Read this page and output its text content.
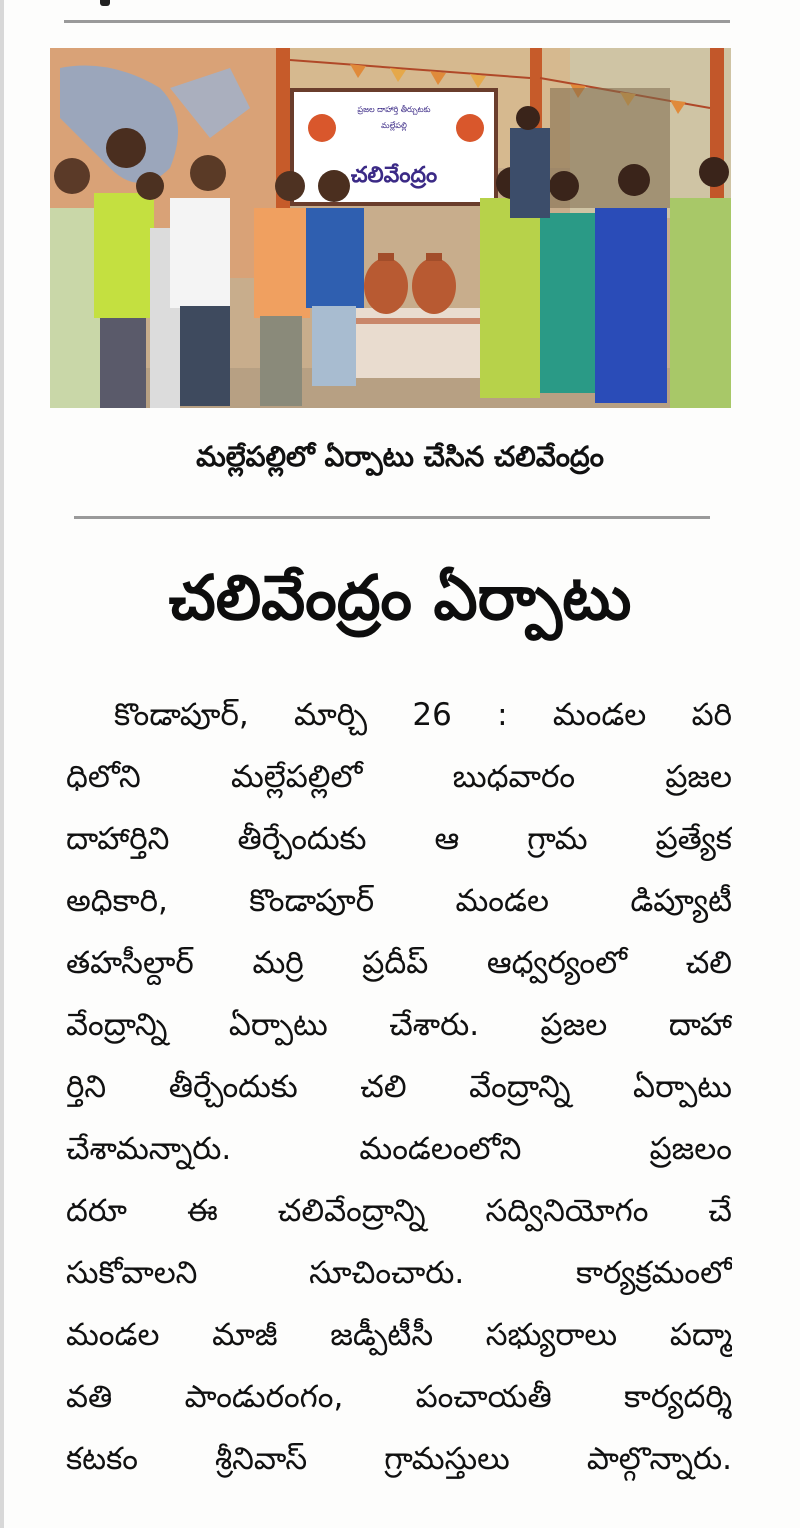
ప్రజల దాహార్తి తీర్చుటకు
మల్లేపల్లి
చలివేంద్రం
మల్లేపల్లిలో ఏర్పాటు చేసిన చలివేంద్రం
చలివేంద్రం ఏర్పాటు
కొండాపూర్, మార్చి 26 : మండల పరి
ధిలోని మల్లేపల్లిలో బుధవారం ప్రజల
దాహార్తిని తీర్చేందుకు ఆ గ్రామ ప్రత్యేక
అధికారి, కొండాపూర్ మండల డిప్యూటీ
తహసీల్దార్ మర్రి ప్రదీప్ ఆధ్వర్యంలో చలి
వేంద్రాన్ని ఏర్పాటు చేశారు. ప్రజల దాహా
ర్తిని తీర్చేందుకు చలి వేంద్రాన్ని ఏర్పాటు
చేశామన్నారు. మండలంలోని ప్రజలం
దరూ ఈ చలివేంద్రాన్ని సద్వినియోగం చే
సుకోవాలని సూచించారు. కార్యక్రమంలో
మండల మాజీ జడ్పీటీసీ సభ్యురాలు పద్మా
వతి పాండురంగం, పంచాయతీ కార్యదర్శి
కటకం శ్రీనివాస్ గ్రామస్తులు పాల్గొన్నారు.
